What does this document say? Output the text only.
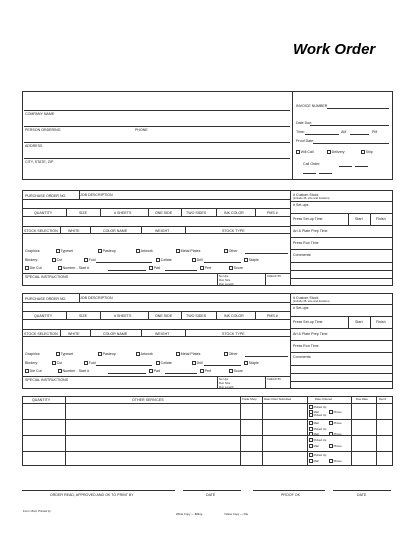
Work Order
INVOICE NUMBER
COMPANY NAME
Date Due:
PERSON ORDERING	PHONE	Time:	AM	PM
Proof Date:
ADDRESS
Will Call	Delivery	Ship
CITY, STATE, ZIP	Call Order:
PURCHASE ORDER NO.	JOB DESCRIPTION
QUANTITY	SIZE	# SHEETS	ONE SIDE	TWO SIDES	INK COLOR	PMS #
STOCK SELECTION	WHITE	COLOR NAME	WEIGHT	STOCK TYPE
Graphics:	Typeset	Pasteup	Artwork	Metal Plates	Other
Bindery:	Cut	Fold	Collate	Drill	Staple
Die Cut	Number - Start #	Pad	Perf	Score
SPECIAL INSTRUCTIONS	No Ups
Run Size
Run Length
CHECK BY
# Custom Stock
(include PL size and location)
# Set-ups
Press Set-up Time	Start	Finish
Art & Plate Prep Time
Press Run Time
Comments:
PURCHASE ORDER NO.	JOB DESCRIPTION
QUANTITY	SIZE	# SHEETS	ONE SIDE	TWO SIDES	INK COLOR	PMS #
STOCK SELECTION	WHITE	COLOR NAME	WEIGHT	STOCK TYPE
Graphics:	Typeset	Pasteup	Artwork	Metal Plates	Other
Bindery:	Cut	Fold	Collate	Drill	Staple
Die Cut	Number - Start #	Pad	Perf	Score
SPECIAL INSTRUCTIONS	No Ups
Run Size
Run Length
CHECK BY
# Custom Stock
(include PL size and location)
# Set-ups
Press Set-up Time	Start	Finish
Art & Plate Prep Time
Press Run Time
Comments:
QUANTITY	OTHER SERVICES	Trade Shop	Date Order Submitted	Date Ordered	Due Date	Rec'd
Picked Up
Mail	Phone
Picked Up
Mail	Phone
Picked Up
Mail	Phone
Picked Up
Mail	Phone
Picked Up
Mail	Phone
ORDER READ, APPROVED AND OK TO PRINT BY	DATE	PROOF OK	DATE
Form 1614, Printed by:
White Copy — Billing	Yellow Copy — File
